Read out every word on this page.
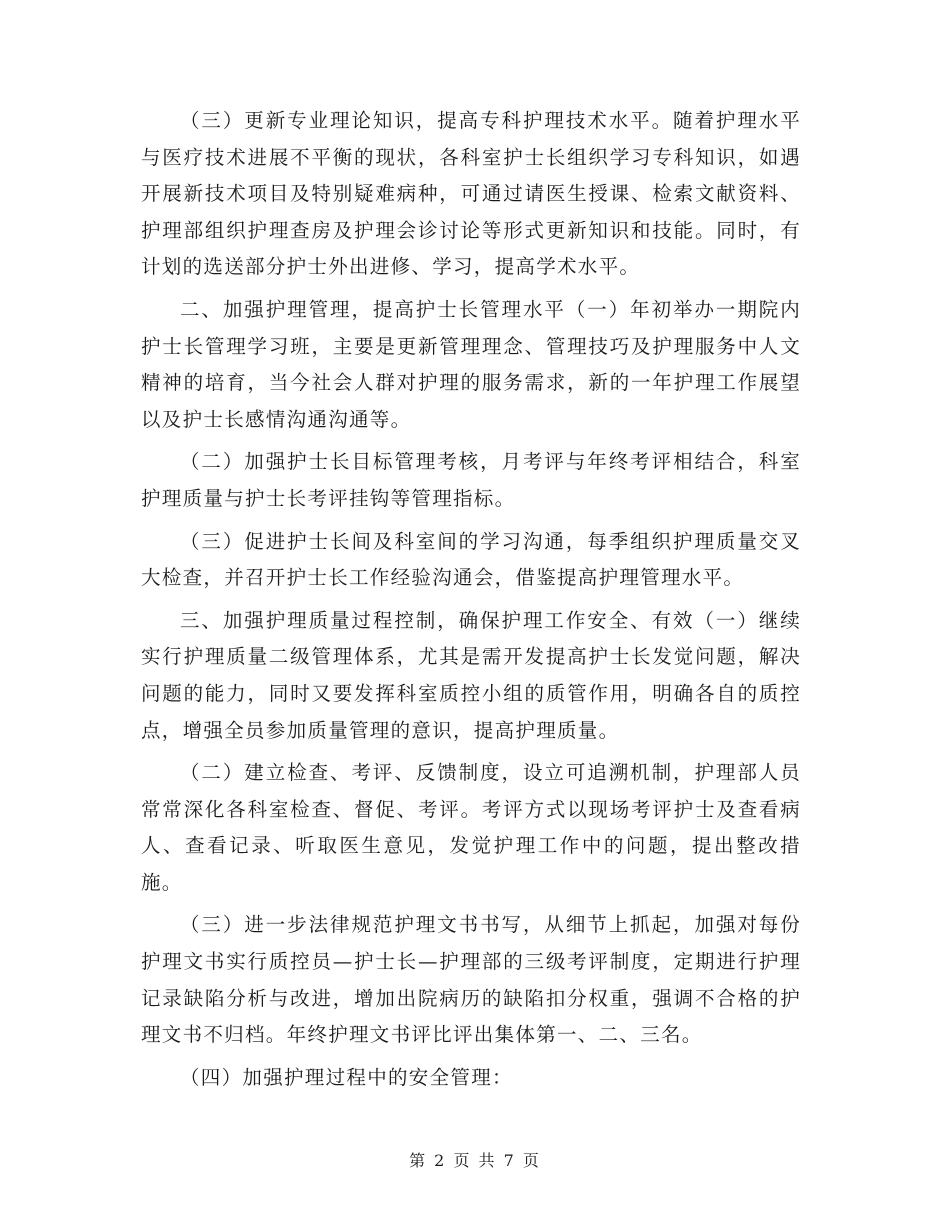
（三）更新专业理论知识，提高专科护理技术水平。随着护理水平与医疗技术进展不平衡的现状，各科室护士长组织学习专科知识，如遇开展新技术项目及特别疑难病种，可通过请医生授课、检索文献资料、护理部组织护理查房及护理会诊讨论等形式更新知识和技能。同时，有计划的选送部分护士外出进修、学习，提高学术水平。

二、加强护理管理，提高护士长管理水平（一）年初举办一期院内护士长管理学习班，主要是更新管理理念、管理技巧及护理服务中人文精神的培育，当今社会人群对护理的服务需求，新的一年护理工作展望以及护士长感情沟通沟通等。

（二）加强护士长目标管理考核，月考评与年终考评相结合，科室护理质量与护士长考评挂钩等管理指标。

（三）促进护士长间及科室间的学习沟通，每季组织护理质量交叉大检查，并召开护士长工作经验沟通会，借鉴提高护理管理水平。

三、加强护理质量过程控制，确保护理工作安全、有效（一）继续实行护理质量二级管理体系，尤其是需开发提高护士长发觉问题，解决问题的能力，同时又要发挥科室质控小组的质管作用，明确各自的质控点，增强全员参加质量管理的意识，提高护理质量。

（二）建立检查、考评、反馈制度，设立可追溯机制，护理部人员常常深化各科室检查、督促、考评。考评方式以现场考评护士及查看病人、查看记录、听取医生意见，发觉护理工作中的问题，提出整改措施。

（三）进一步法律规范护理文书书写，从细节上抓起，加强对每份护理文书实行质控员—护士长—护理部的三级考评制度，定期进行护理记录缺陷分析与改进，增加出院病历的缺陷扣分权重，强调不合格的护理文书不归档。年终护理文书评比评出集体第一、二、三名。

（四）加强护理过程中的安全管理：

第 2 页 共 7 页
